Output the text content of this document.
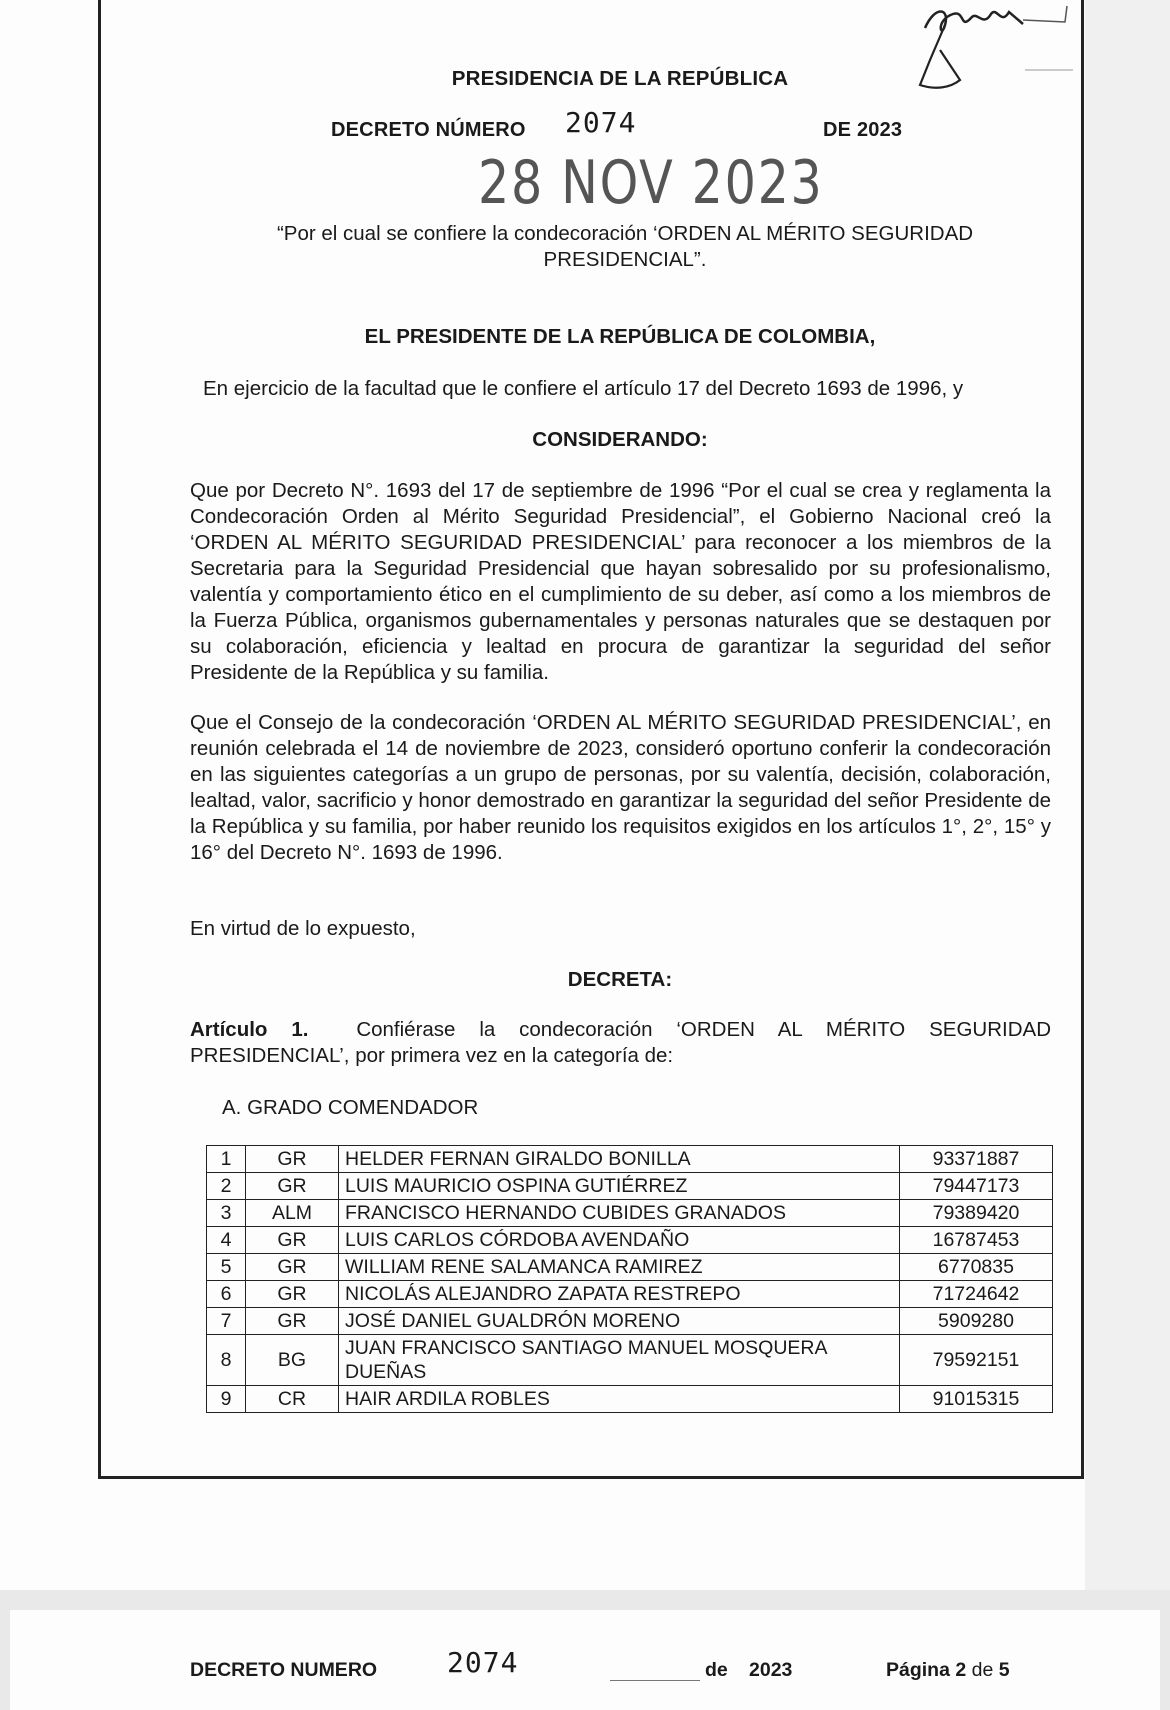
PRESIDENCIA DE LA REPÚBLICA
DECRETO NÚMERO 2074	DE 2023
28 NOV 2023
“Por el cual se confiere la condecoración ‘ORDEN AL MÉRITO SEGURIDAD PRESIDENCIAL”.
EL PRESIDENTE DE LA REPÚBLICA DE COLOMBIA,
En ejercicio de la facultad que le confiere el artículo 17 del Decreto 1693 de 1996, y
CONSIDERANDO:
Que por Decreto N°. 1693 del 17 de septiembre de 1996 “Por el cual se crea y reglamenta la Condecoración Orden al Mérito Seguridad Presidencial”, el Gobierno Nacional creó la ‘ORDEN AL MÉRITO SEGURIDAD PRESIDENCIAL’ para reconocer a los miembros de la Secretaria para la Seguridad Presidencial que hayan sobresalido por su profesionalismo, valentía y comportamiento ético en el cumplimiento de su deber, así como a los miembros de la Fuerza Pública, organismos gubernamentales y personas naturales que se destaquen por su colaboración, eficiencia y lealtad en procura de garantizar la seguridad del señor Presidente de la República y su familia.
Que el Consejo de la condecoración ‘ORDEN AL MÉRITO SEGURIDAD PRESIDENCIAL’, en reunión celebrada el 14 de noviembre de 2023, consideró oportuno conferir la condecoración en las siguientes categorías a un grupo de personas, por su valentía, decisión, colaboración, lealtad, valor, sacrificio y honor demostrado en garantizar la seguridad del señor Presidente de la República y su familia, por haber reunido los requisitos exigidos en los artículos 1°, 2°, 15° y 16° del Decreto N°. 1693 de 1996.
En virtud de lo expuesto,
DECRETA:
Artículo 1. Confiérase la condecoración ‘ORDEN AL MÉRITO SEGURIDAD PRESIDENCIAL’, por primera vez en la categoría de:
A. GRADO COMENDADOR
1	GR	HELDER FERNAN GIRALDO BONILLA	93371887
2	GR	LUIS MAURICIO OSPINA GUTIÉRREZ	79447173
3	ALM	FRANCISCO HERNANDO CUBIDES GRANADOS	79389420
4	GR	LUIS CARLOS CÓRDOBA AVENDAÑO	16787453
5	GR	WILLIAM RENE SALAMANCA RAMIREZ	6770835
6	GR	NICOLÁS ALEJANDRO ZAPATA RESTREPO	71724642
7	GR	JOSÉ DANIEL GUALDRÓN MORENO	5909280
8	BG	JUAN FRANCISCO SANTIAGO MANUEL MOSQUERA DUEÑAS	79592151
9	CR	HAIR ARDILA ROBLES	91015315
DECRETO NUMERO 2074	de 2023	Página 2 de 5
